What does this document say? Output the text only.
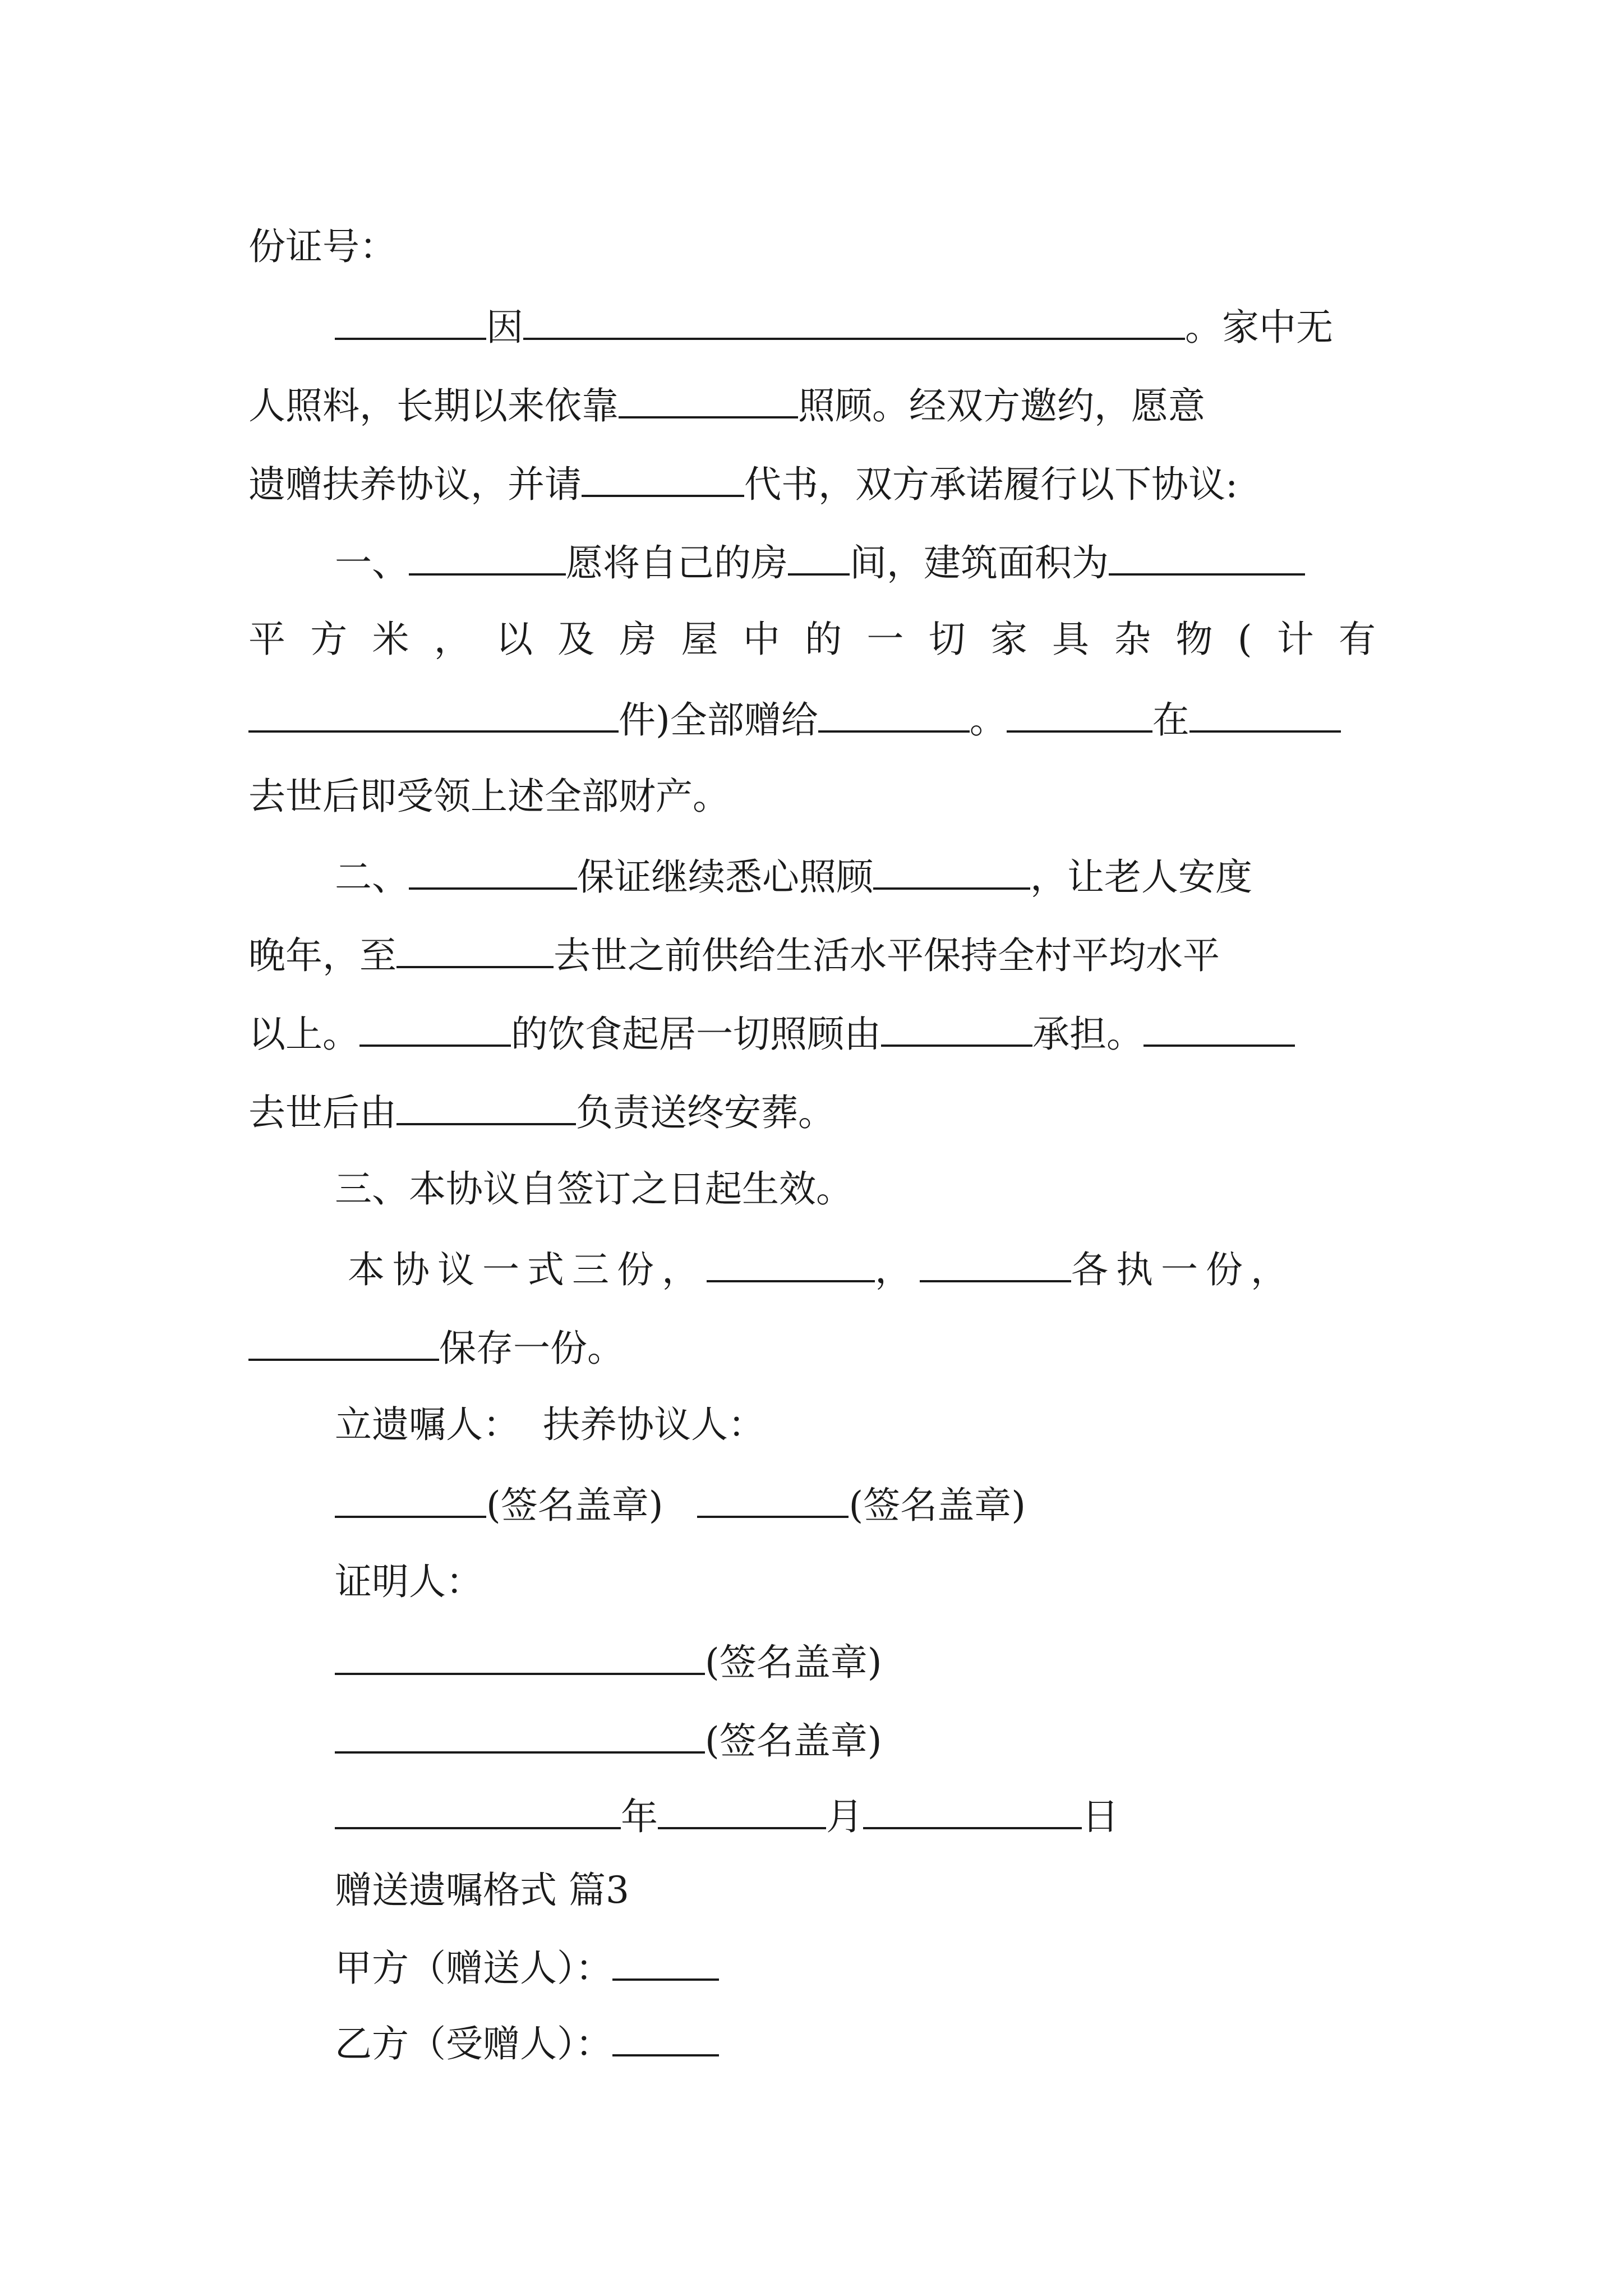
份证号：
因	。家中无
人照料，长期以来依靠	照顾。经双方邀约，愿意
遗赠扶养协议，并请	代书，双方承诺履行以下协议:
一、	愿将自己的房 间，建筑面积为
平 方 米 ， 以 及 房 屋 中 的 一 切 家 具 杂 物 ( 计 有
件)全部赠给	。	在
去世后即受领上述全部财产。
二、	保证继续悉心照顾	，让老人安度
晚年，至	去世之前供给生活水平保持全村平均水平
以上。	的饮食起居一切照顾由	承担。
去世后由	负责送终安葬。
三、本协议自签订之日起生效。
本协议一式三份，	，	各执一份，
保存一份。
立遗嘱人： 扶养协议人：
(签名盖章)	(签名盖章)
证明人：
(签名盖章)
(签名盖章)
年	月	日
赠送遗嘱格式 篇3
甲方（赠送人）：
乙方（受赠人）：
